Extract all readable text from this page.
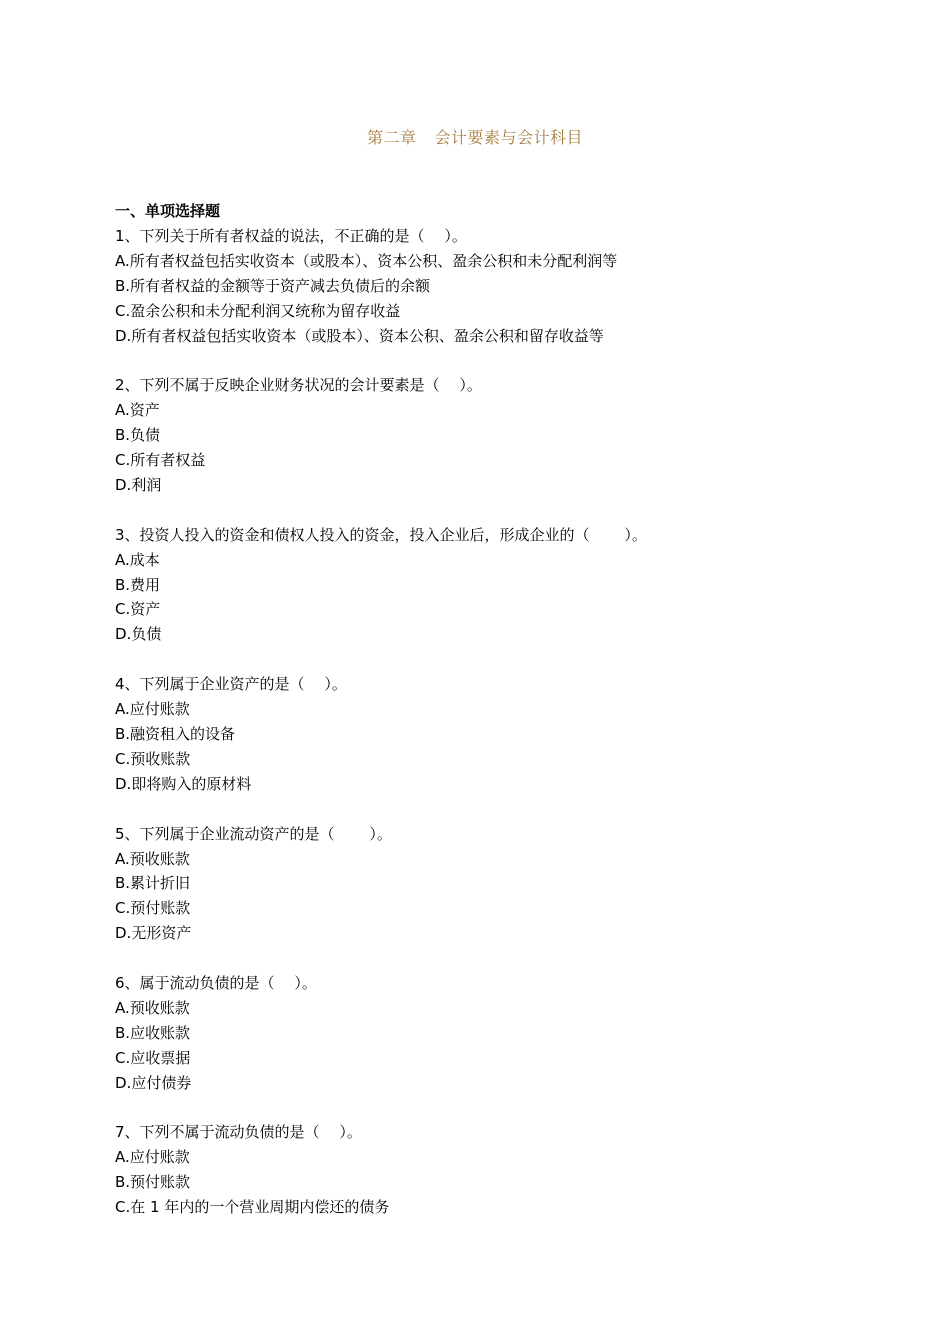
第二章 会计要素与会计科目

一、单项选择题

1、下列关于所有者权益的说法，不正确的是（　 ）。

A.所有者权益包括实收资本（或股本）、资本公积、盈余公积和未分配利润等

B.所有者权益的金额等于资产减去负债后的余额

C.盈余公积和未分配利润又统称为留存收益

D.所有者权益包括实收资本（或股本）、资本公积、盈余公积和留存收益等

2、下列不属于反映企业财务状况的会计要素是（　 ）。

A.资产

B.负债

C.所有者权益

D.利润

3、投资人投入的资金和债权人投入的资金，投入企业后，形成企业的（　　 ）。

A.成本

B.费用

C.资产

D.负债

4、下列属于企业资产的是（　 ）。

A.应付账款

B.融资租入的设备

C.预收账款

D.即将购入的原材料

5、下列属于企业流动资产的是（　　 ）。

A.预收账款

B.累计折旧

C.预付账款

D.无形资产

6、属于流动负债的是（　 ）。

A.预收账款

B.应收账款

C.应收票据

D.应付债券

7、下列不属于流动负债的是（　 ）。

A.应付账款

B.预付账款

C.在 1 年内的一个营业周期内偿还的债务
